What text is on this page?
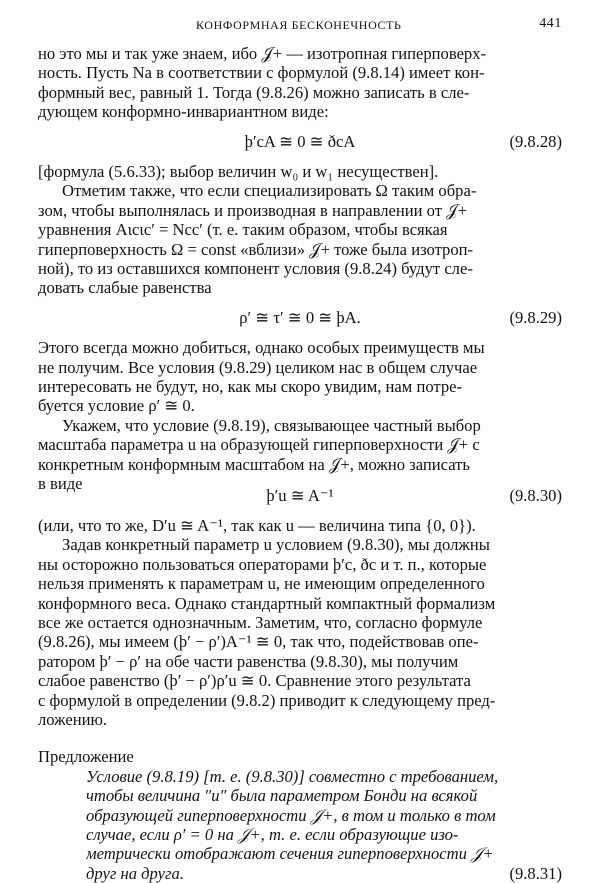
КОНФОРМНАЯ БЕСКОНЕЧНОСТЬ	441
но это мы и так уже знаем, ибо 𝒥+ — изотропная гиперповерх-
ность. Пусть Na в соответствии с формулой (9.8.14) имеет кон-
формный вес, равный 1. Тогда (9.8.26) можно записать в сле-
дующем конформно-инвариантном виде:
þ′cA ≅ 0 ≅ ðcA	(9.8.28)
[формула (5.6.33); выбор величин w₀ и w₁ несуществен].
Отметим также, что если специализировать Ω таким обра-
зом, чтобы выполнялась и производная в направлении от 𝒥+
уравнения Aιcιc′ = Ncc′ (т. е. таким образом, чтобы всякая
гиперповерхность Ω = const «вблизи» 𝒥+ тоже была изотроп-
ной), то из оставшихся компонент условия (9.8.24) будут сле-
довать слабые равенства
ρ′ ≅ τ′ ≅ 0 ≅ þA.	(9.8.29)
Этого всегда можно добиться, однако особых преимуществ мы
не получим. Все условия (9.8.29) целиком нас в общем случае
интересовать не будут, но, как мы скоро увидим, нам потре-
буется условие ρ′ ≅ 0.
Укажем, что условие (9.8.19), связывающее частный выбор
масштаба параметра u на образующей гиперповерхности 𝒥+ с
конкретным конформным масштабом на 𝒥+, можно записать
в виде
þ′u ≅ A⁻¹	(9.8.30)
(или, что то же, D′u ≅ A⁻¹, так как u — величина типа {0, 0}).
Задав конкретный параметр u условием (9.8.30), мы должны
ны осторожно пользоваться операторами þ′c, ðc и т. п., которые
нельзя применять к параметрам u, не имеющим определенного
конформного веса. Однако стандартный компактный формализм
все же остается однозначным. Заметим, что, согласно формуле
(9.8.26), мы имеем (þ′ − ρ′)A⁻¹ ≅ 0, так что, подействовав опе-
ратором þ′ − ρ′ на обе части равенства (9.8.30), мы получим
слабое равенство (þ′ − ρ′)ρ′u ≅ 0. Сравнение этого результата
с формулой в определении (9.8.2) приводит к следующему пред-
ложению.
Предложение
Условие (9.8.19) [т. е. (9.8.30)] совместно с требованием,
чтобы величина ″u″ была параметром Бонди на всякой
образующей гиперповерхности 𝒥+, в том и только в том
случае, если ρ′ = 0 на 𝒥+, т. е. если образующие изо-
метрически отображают сечения гиперповерхности 𝒥+
друг на друга.	(9.8.31)
